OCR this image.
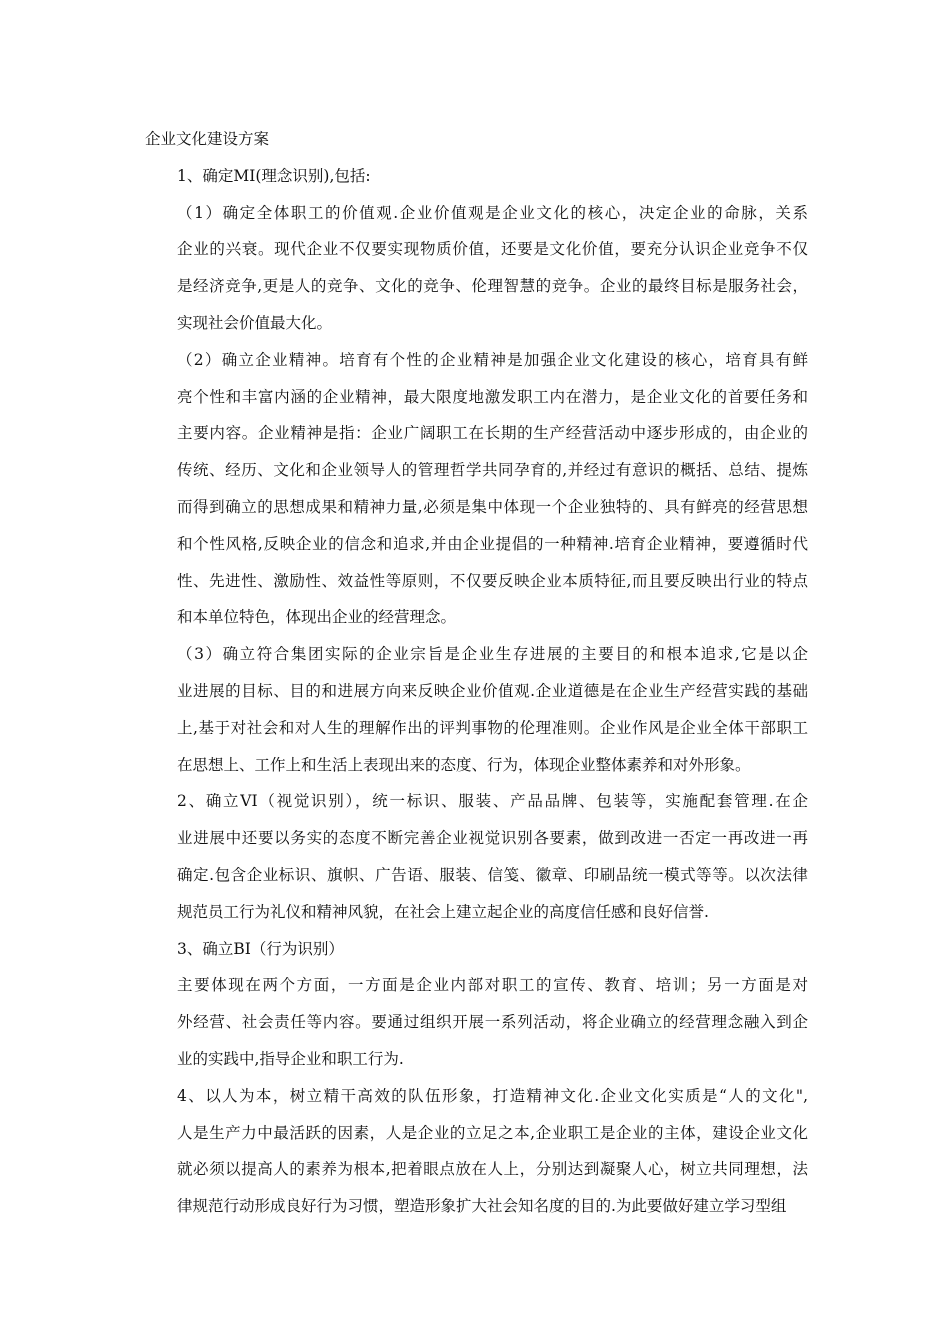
企业文化建设方案

1、确定MI(理念识别),包括:

（1）确定全体职工的价值观.企业价值观是企业文化的核心，决定企业的命脉，关系
企业的兴衰。现代企业不仅要实现物质价值，还要是文化价值，要充分认识企业竞争不仅
是经济竞争,更是人的竞争、文化的竞争、伦理智慧的竞争。企业的最终目标是服务社会，
实现社会价值最大化。

（2）确立企业精神。培育有个性的企业精神是加强企业文化建设的核心，培育具有鲜
亮个性和丰富内涵的企业精神，最大限度地激发职工内在潜力，是企业文化的首要任务和
主要内容。企业精神是指：企业广阔职工在长期的生产经营活动中逐步形成的，由企业的
传统、经历、文化和企业领导人的管理哲学共同孕育的,并经过有意识的概括、总结、提炼
而得到确立的思想成果和精神力量,必须是集中体现一个企业独特的、具有鲜亮的经营思想
和个性风格,反映企业的信念和追求,并由企业提倡的一种精神.培育企业精神，要遵循时代
性、先进性、激励性、效益性等原则，不仅要反映企业本质特征,而且要反映出行业的特点
和本单位特色，体现出企业的经营理念。

（3）确立符合集团实际的企业宗旨是企业生存进展的主要目的和根本追求,它是以企
业进展的目标、目的和进展方向来反映企业价值观.企业道德是在企业生产经营实践的基础
上,基于对社会和对人生的理解作出的评判事物的伦理准则。企业作风是企业全体干部职工
在思想上、工作上和生活上表现出来的态度、行为，体现企业整体素养和对外形象。

2、确立VI（视觉识别），统一标识、服装、产品品牌、包装等，实施配套管理.在企
业进展中还要以务实的态度不断完善企业视觉识别各要素，做到改进一否定一再改进一再
确定.包含企业标识、旗帜、广告语、服装、信笺、徽章、印刷品统一模式等等。以次法律
规范员工行为礼仪和精神风貌，在社会上建立起企业的高度信任感和良好信誉.

3、确立BI（行为识别）

主要体现在两个方面，一方面是企业内部对职工的宣传、教育、培训；另一方面是对
外经营、社会责任等内容。要通过组织开展一系列活动，将企业确立的经营理念融入到企
业的实践中,指导企业和职工行为.

4、以人为本，树立精干高效的队伍形象，打造精神文化.企业文化实质是“人的文化",
人是生产力中最活跃的因素，人是企业的立足之本,企业职工是企业的主体，建设企业文化
就必须以提高人的素养为根本,把着眼点放在人上，分别达到凝聚人心，树立共同理想，法
律规范行动形成良好行为习惯，塑造形象扩大社会知名度的目的.为此要做好建立学习型组
